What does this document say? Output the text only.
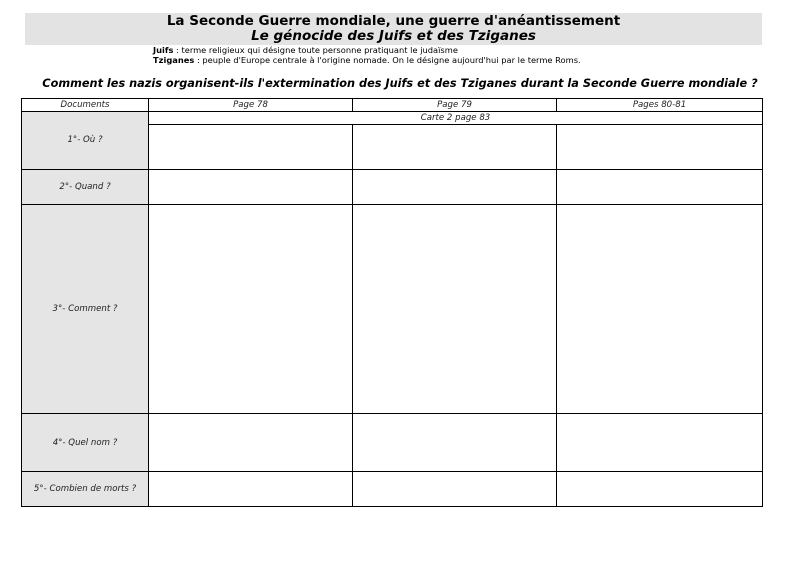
La Seconde Guerre mondiale, une guerre d'anéantissement
Le génocide des Juifs et des Tziganes
Juifs : terme religieux qui désigne toute personne pratiquant le judaïsme
Tziganes : peuple d'Europe centrale à l'origine nomade. On le désigne aujourd'hui par le terme Roms.
Comment les nazis organisent-ils l'extermination des Juifs et des Tziganes durant la Seconde Guerre mondiale ?
Documents	Page 78	Page 79	Pages 80-81
1°- Où ?	Carte 2 page 83		

2°- Quand ?			
3°- Comment ?			
4°- Quel nom ?			
5°- Combien de morts ?			
